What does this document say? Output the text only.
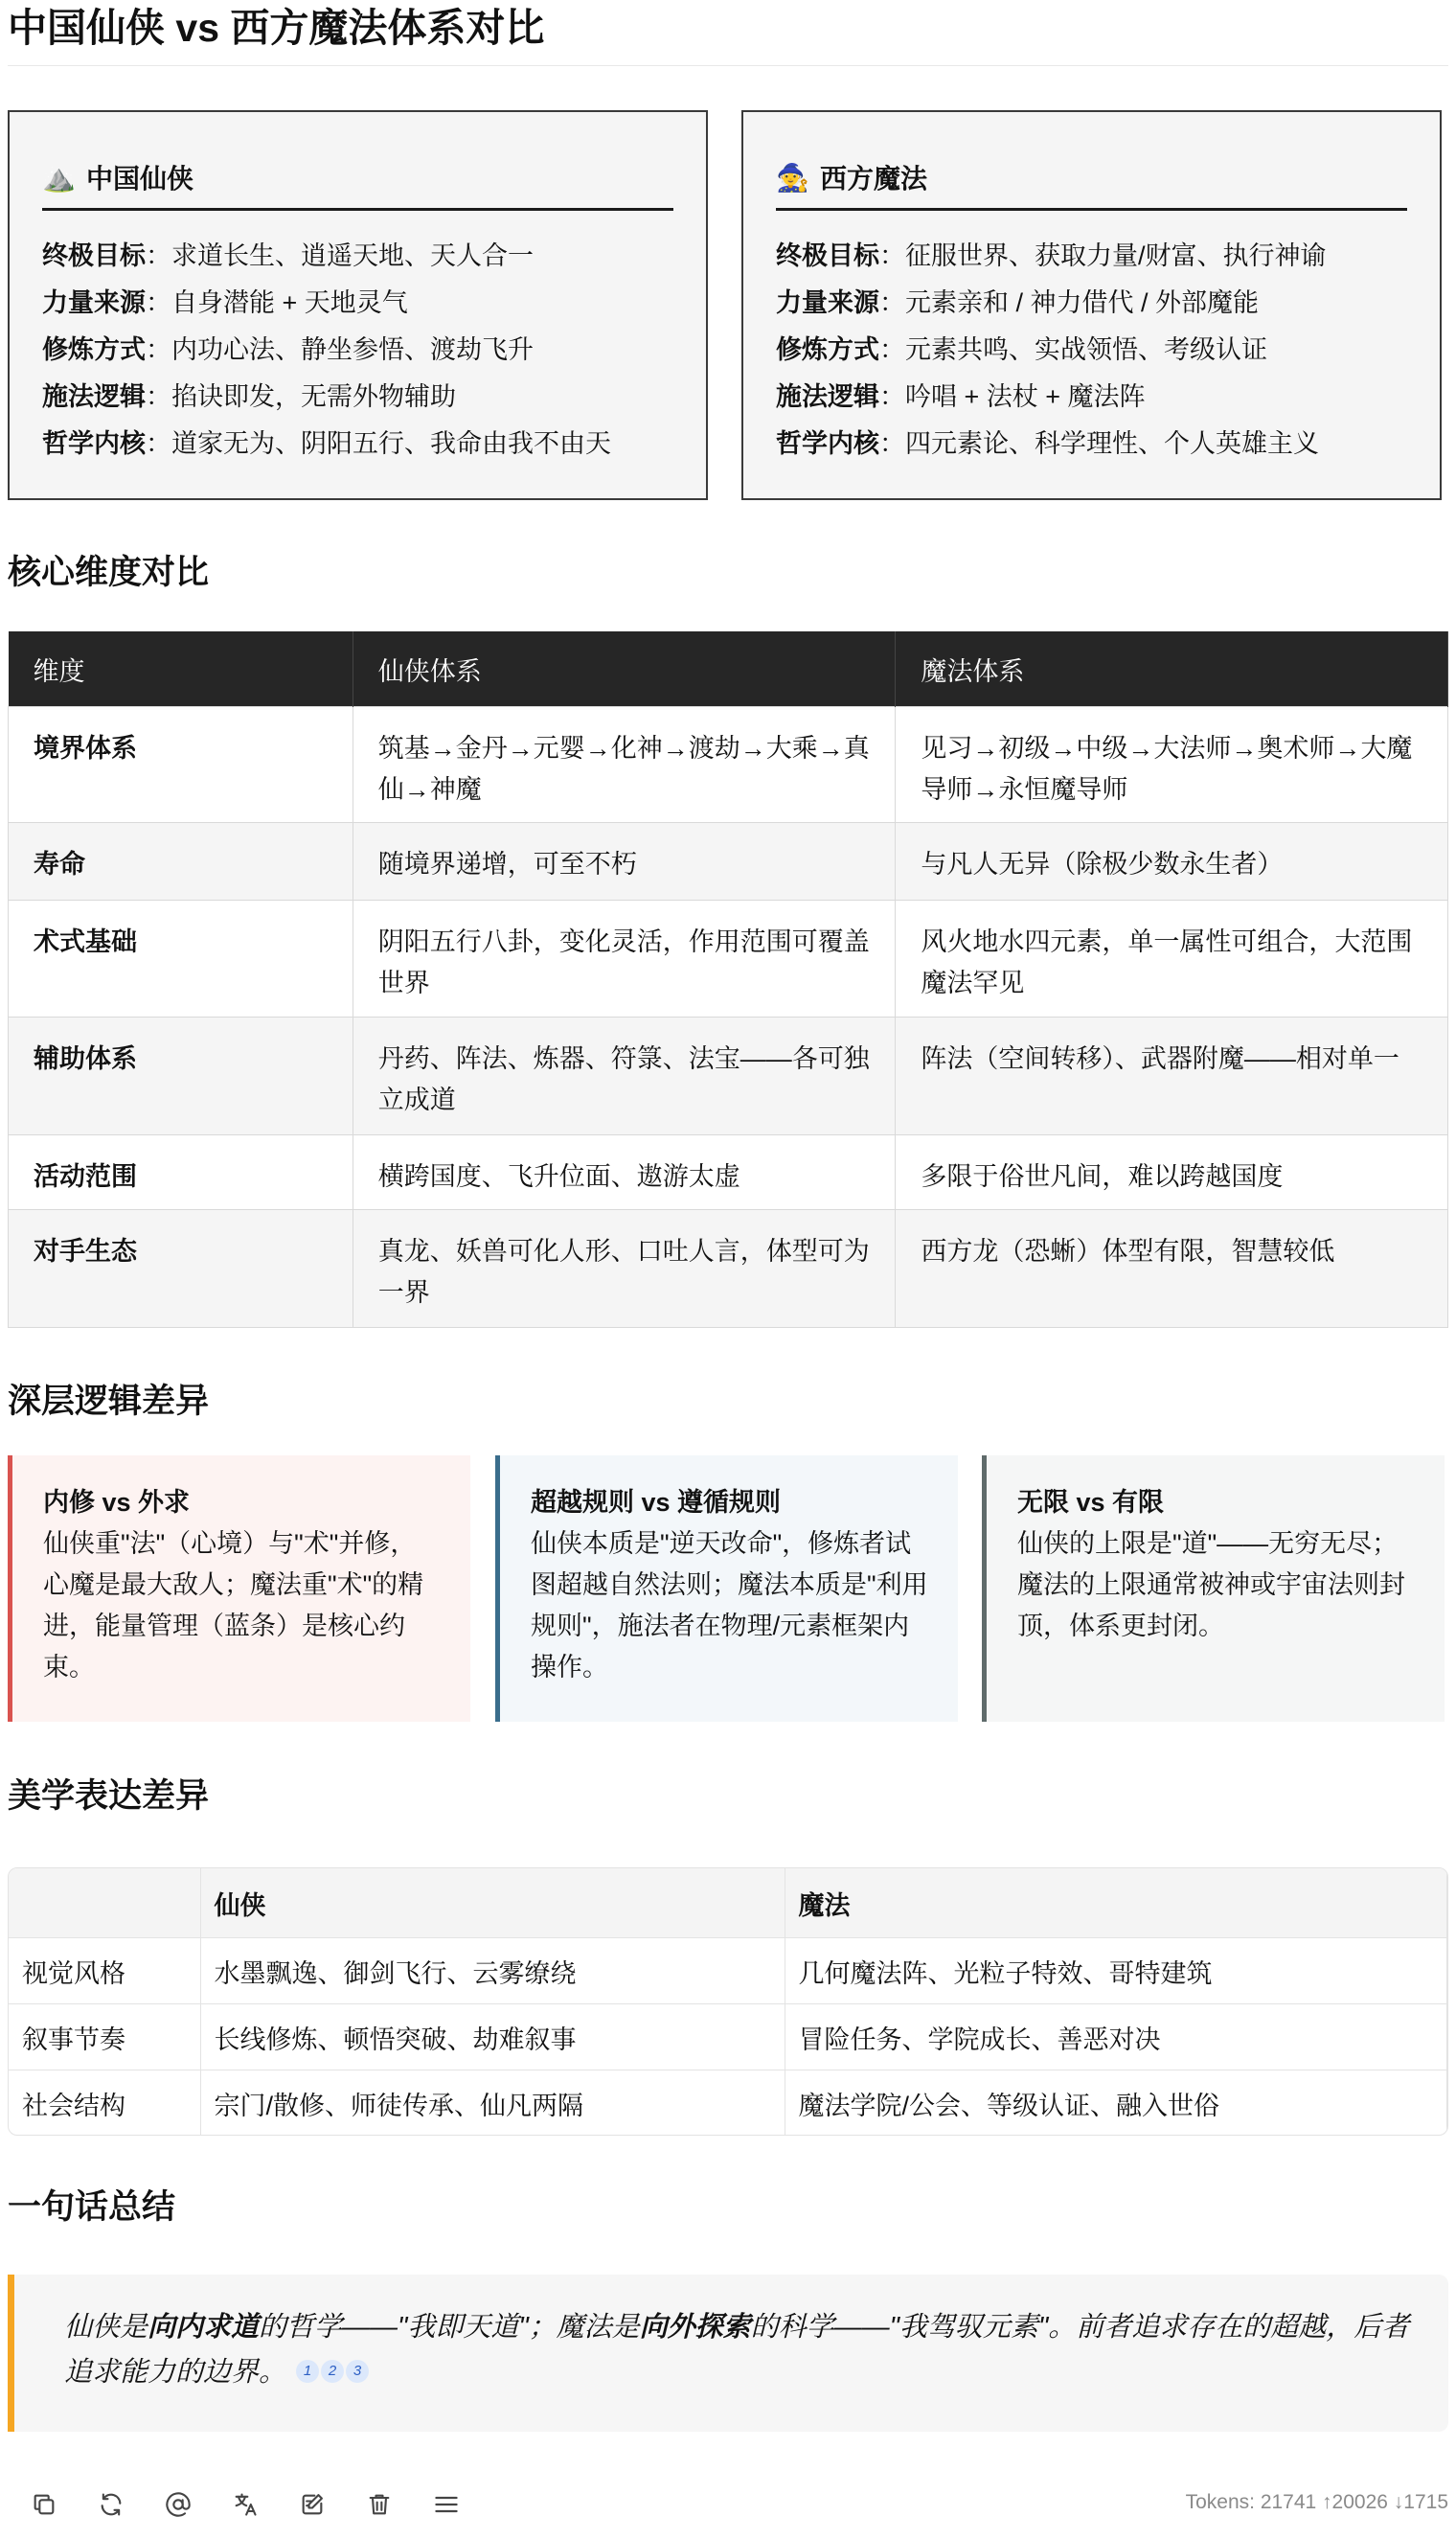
中国仙侠 vs 西方魔法体系对比
⛰️ 中国仙侠
终极目标：求道长生、逍遥天地、天人合一
力量来源：自身潜能 + 天地灵气
修炼方式：内功心法、静坐参悟、渡劫飞升
施法逻辑：掐诀即发，无需外物辅助
哲学内核：道家无为、阴阳五行、我命由我不由天
🧙 西方魔法
终极目标：征服世界、获取力量/财富、执行神谕
力量来源：元素亲和 / 神力借代 / 外部魔能
修炼方式：元素共鸣、实战领悟、考级认证
施法逻辑：吟唱 + 法杖 + 魔法阵
哲学内核：四元素论、科学理性、个人英雄主义
核心维度对比
维度	仙侠体系	魔法体系
境界体系	筑基→金丹→元婴→化神→渡劫→大乘→真仙→神魔	见习→初级→中级→大法师→奥术师→大魔导师→永恒魔导师
寿命	随境界递增，可至不朽	与凡人无异（除极少数永生者）
术式基础	阴阳五行八卦，变化灵活，作用范围可覆盖世界	风火地水四元素，单一属性可组合，大范围魔法罕见
辅助体系	丹药、阵法、炼器、符箓、法宝——各可独立成道	阵法（空间转移）、武器附魔——相对单一
活动范围	横跨国度、飞升位面、遨游太虚	多限于俗世凡间，难以跨越国度
对手生态	真龙、妖兽可化人形、口吐人言，体型可为一界	西方龙（恐蜥）体型有限，智慧较低
深层逻辑差异
内修 vs 外求
仙侠重"法"（心境）与"术"并修，心魔是最大敌人；魔法重"术"的精进，能量管理（蓝条）是核心约束。
超越规则 vs 遵循规则
仙侠本质是"逆天改命"，修炼者试图超越自然法则；魔法本质是"利用规则"，施法者在物理/元素框架内操作。
无限 vs 有限
仙侠的上限是"道"——无穷无尽；魔法的上限通常被神或宇宙法则封顶，体系更封闭。
美学表达差异
	仙侠	魔法
视觉风格	水墨飘逸、御剑飞行、云雾缭绕	几何魔法阵、光粒子特效、哥特建筑
叙事节奏	长线修炼、顿悟突破、劫难叙事	冒险任务、学院成长、善恶对决
社会结构	宗门/散修、师徒传承、仙凡两隔	魔法学院/公会、等级认证、融入世俗
一句话总结
仙侠是向内求道的哲学——"我即天道"；魔法是向外探索的科学——"我驾驭元素"。前者追求存在的超越，后者追求能力的边界。 1 2 3
Tokens: 21741 ↑20026 ↓1715
